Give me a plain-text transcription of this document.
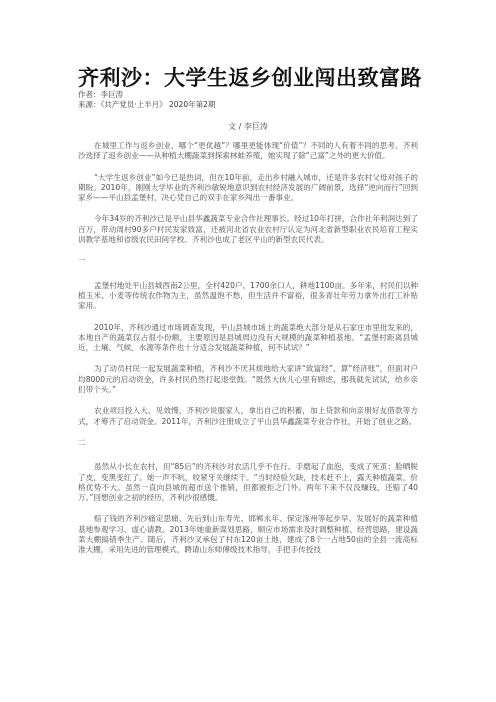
齐利沙：大学生返乡创业闯出致富路
作者：李巨涛
来源：《共产党员·上半月》 2020年第2期
文 / 李巨涛

在城里工作与返乡创业，哪个“更优越”？哪里更能体现“价值”？不同的人有着不同的思考。齐利沙选择了返乡创业——从种植大棚蔬菜到探索林蛙养殖，她实现了除“己富”之外的更大价值。

“大学生返乡创业”如今已是热词，但在10年前，走出乡村融入城市，还是许多农村父母对孩子的期盼。2010年，刚刚大学毕业的齐利沙敏锐地意识到农村经济发展的广阔前景，选择“逆向而行”回到家乡——平山县孟堡村，决心凭自己的双手在家乡闯出一番事业。

今年34岁的齐利沙已是平山县华鑫蔬菜专业合作社理事长。经过10年打拼，合作社年利润达到了百万，带动周村90多户村民发家致富，还被河北省农业农村厅认定为河北省新型职业农民培育工程实训教学基地和省级农民田间学校。齐利沙也成了老区平山的新型农民代表。

一

孟堡村地处平山县城西南2公里，全村420户、1700余口人，耕地1100亩。多年来，村民们以种植玉米、小麦等传统农作物为主，虽然温饱不愁，但生活并不富裕，很多青壮年劳力拿外出打工补贴家用。

2010年，齐利沙通过市场调查发现，平山县城市场上的蔬菜绝大部分是从石家庄市里批发来的，本地自产的蔬菜仅占很小份额，主要原因是县城周边没有大规模的蔬菜种植基地。“孟堡村距离县城近，土壤、气候、水源等条件也十分适合发展蔬菜种植，何不试试？”

为了动员村民一起发展蔬菜种植，齐利沙不厌其烦地给大家讲“致富经”、算“经济账”，但面对户均8000元的启动资金，许多村民仍然打起退堂鼓。“既然大伙儿心里有顾虑，那我就先试试，给乡亲们带个头。”

农业项目投入大、见效慢，齐利沙说服家人，拿出自己的积蓄，加上贷款和向亲朋好友借款等方式，才筹齐了启动资金。2011年，齐利沙注册成立了平山县华鑫蔬菜专业合作社，开始了创业之路。

二

虽然从小长在农村，但“85后”的齐利沙对农活几乎不在行。手磨起了血泡，变成了死茧；脸晒脱了皮，变黑变红了。她一声不吭，咬紧牙关继续干。“当时经验欠缺，技术赶不上，露天种植蔬菜，价格优势不大。虽然一直向县城的超市送个推销，但都被拒之门外。两年下来不仅没赚钱，还赔了40万。”回想创业之初的经历，齐利沙很感慨。

赔了钱的齐利沙痛定思痛，先后到山东寿光、邯郸永年、保定涿州等起步早、发展好的蔬菜种植基地参观学习、虚心请教。2013年她重新谋划思路，顺应市场需求及时调整种植、经营思路，建设蔬菜大棚搞错季生产。随后，齐利沙又承包了村东120亩土地，建成了8个一占地50亩的全县一流高标准大棚，采用先进的管理模式，聘请山东师傅级技术指导，手把手传授技
